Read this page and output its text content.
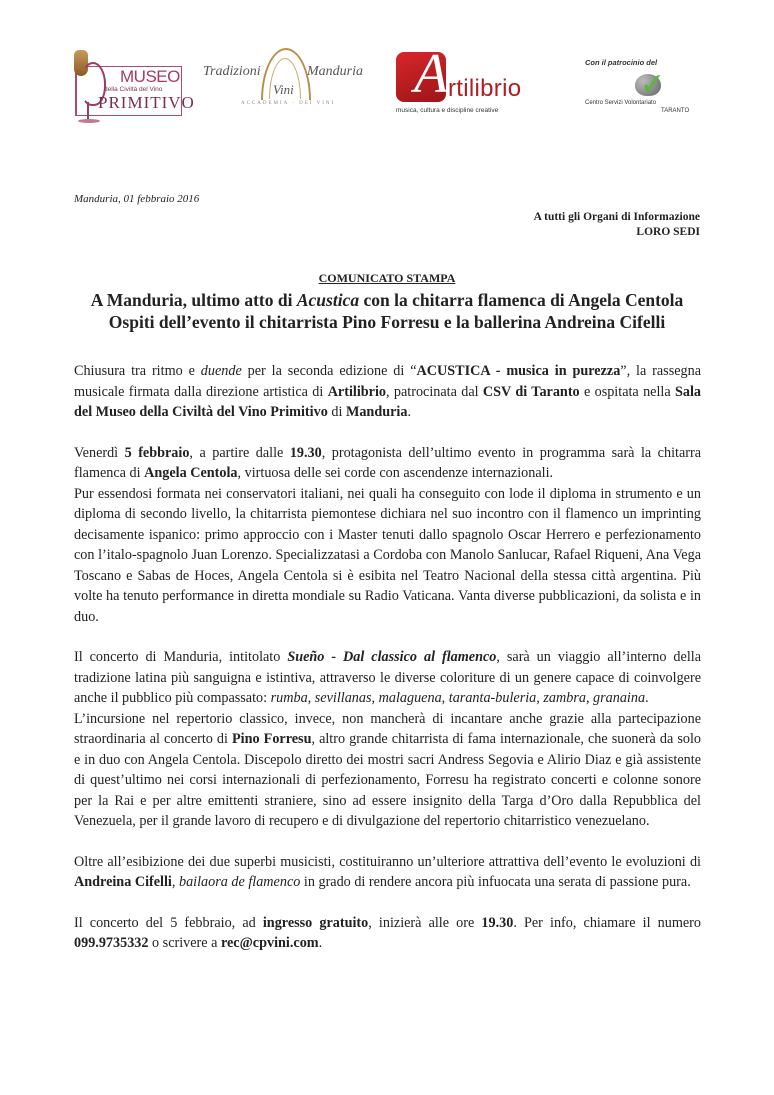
MUSEO
della Civiltà del Vino
PRIMITIVO
Tradizioni	Manduria
Vini
ACCADEMIA · DEI VINI A rtilibrio
musica, cultura e discipline creative
Con il patrocinio del
✓
Centro Servizi Volontariato
TARANTO
Manduria, 01 febbraio 2016
A tutti gli Organi di Informazione
LORO SEDI
COMUNICATO STAMPA
A Manduria, ultimo atto di Acustica con la chitarra flamenca di Angela Centola
Ospiti dell’evento il chitarrista Pino Forresu e la ballerina Andreina Cifelli

Chiusura tra ritmo e duende per la seconda edizione di “ACUSTICA - musica in purezza”, la rassegna musicale firmata dalla direzione artistica di Artilibrio, patrocinata dal CSV di Taranto e ospitata nella Sala del Museo della Civiltà del Vino Primitivo di Manduria.

Venerdì 5 febbraio, a partire dalle 19.30, protagonista dell’ultimo evento in programma sarà la chitarra flamenca di Angela Centola, virtuosa delle sei corde con ascendenze internazionali.

Pur essendosi formata nei conservatori italiani, nei quali ha conseguito con lode il diploma in strumento e un diploma di secondo livello, la chitarrista piemontese dichiara nel suo incontro con il flamenco un imprinting decisamente ispanico: primo approccio con i Master tenuti dallo spagnolo Oscar Herrero e perfezionamento con l’italo-spagnolo Juan Lorenzo. Specializzatasi a Cordoba con Manolo Sanlucar, Rafael Riqueni, Ana Vega Toscano e Sabas de Hoces, Angela Centola si è esibita nel Teatro Nacional della stessa città argentina. Più volte ha tenuto performance in diretta mondiale su Radio Vaticana. Vanta diverse pubblicazioni, da solista e in duo.

Il concerto di Manduria, intitolato Sueño - Dal classico al flamenco, sarà un viaggio all’interno della tradizione latina più sanguigna e istintiva, attraverso le diverse coloriture di un genere capace di coinvolgere anche il pubblico più compassato: rumba, sevillanas, malaguena, taranta-buleria, zambra, granaina.

L’incursione nel repertorio classico, invece, non mancherà di incantare anche grazie alla partecipazione straordinaria al concerto di Pino Forresu, altro grande chitarrista di fama internazionale, che suonerà da solo e in duo con Angela Centola. Discepolo diretto dei mostri sacri Andress Segovia e Alirio Diaz e già assistente di quest’ultimo nei corsi internazionali di perfezionamento, Forresu ha registrato concerti e colonne sonore per la Rai e per altre emittenti straniere, sino ad essere insignito della Targa d’Oro dalla Repubblica del Venezuela, per il grande lavoro di recupero e di divulgazione del repertorio chitarristico venezuelano.

Oltre all’esibizione dei due superbi musicisti, costituiranno un’ulteriore attrattiva dell’evento le evoluzioni di Andreina Cifelli, bailaora de flamenco in grado di rendere ancora più infuocata una serata di passione pura.

Il concerto del 5 febbraio, ad ingresso gratuito, inizierà alle ore 19.30. Per info, chiamare il numero 099.9735332 o scrivere a rec@cpvini.com.
